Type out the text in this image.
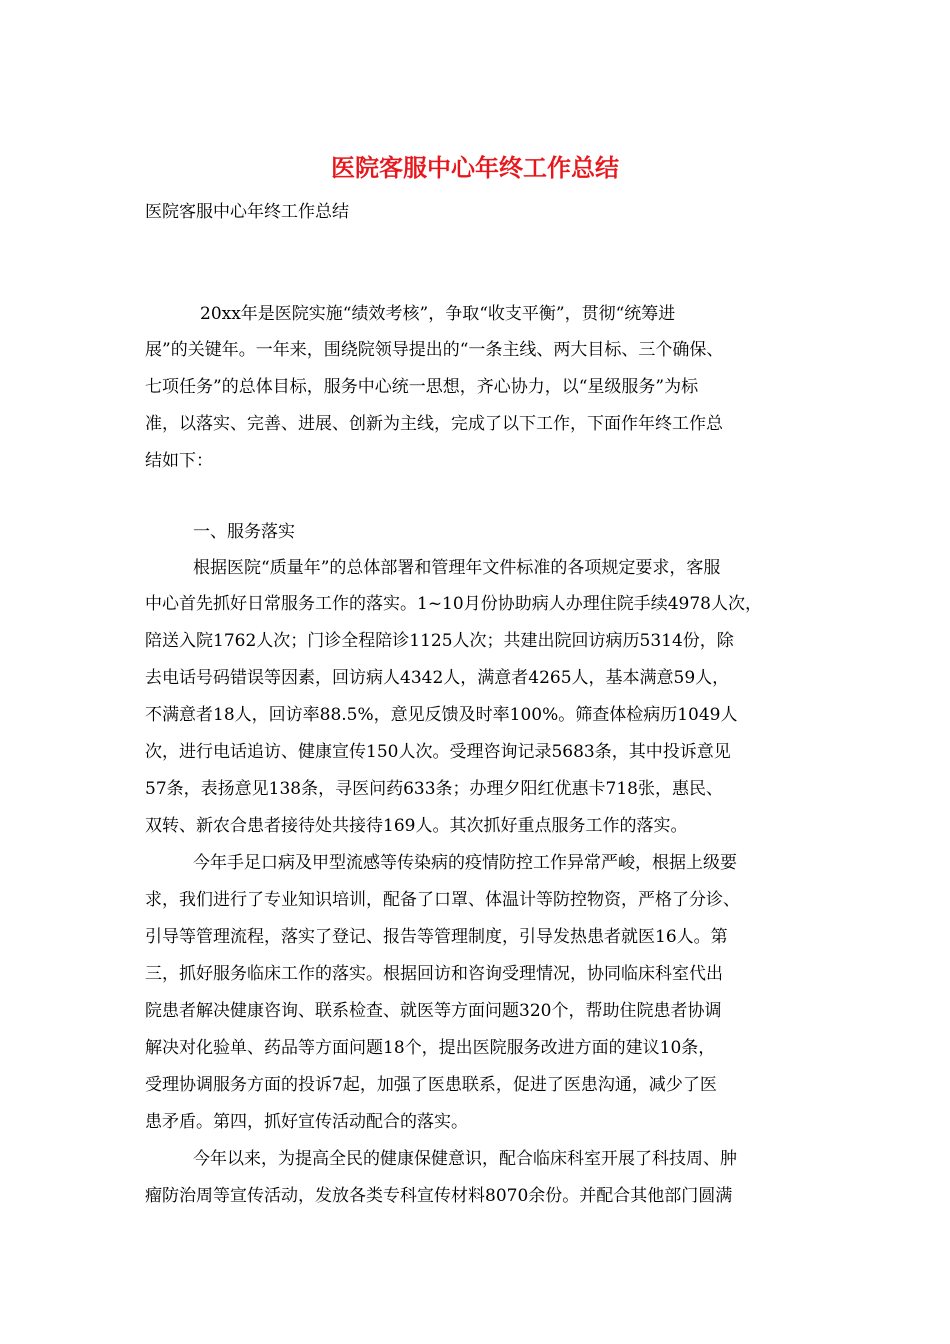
医院客服中心年终工作总结

医院客服中心年终工作总结

20xx年是医院实施“绩效考核”，争取“收支平衡”，贯彻“统筹进

展”的关键年。一年来，围绕院领导提出的“一条主线、两大目标、三个确保、

七项任务”的总体目标，服务中心统一思想，齐心协力，以“星级服务”为标

准，以落实、完善、进展、创新为主线，完成了以下工作，下面作年终工作总

结如下：

一、服务落实

根据医院“质量年”的总体部署和管理年文件标准的各项规定要求，客服

中心首先抓好日常服务工作的落实。1~10月份协助病人办理住院手续4978人次，

陪送入院1762人次；门诊全程陪诊1125人次；共建出院回访病历5314份，除

去电话号码错误等因素，回访病人4342人，满意者4265人，基本满意59人，

不满意者18人，回访率88.5%，意见反馈及时率100%。筛查体检病历1049人

次，进行电话追访、健康宣传150人次。受理咨询记录5683条，其中投诉意见

57条，表扬意见138条，寻医问药633条；办理夕阳红优惠卡718张，惠民、

双转、新农合患者接待处共接待169人。其次抓好重点服务工作的落实。

今年手足口病及甲型流感等传染病的疫情防控工作异常严峻，根据上级要

求，我们进行了专业知识培训，配备了口罩、体温计等防控物资，严格了分诊、

引导等管理流程，落实了登记、报告等管理制度，引导发热患者就医16人。第

三，抓好服务临床工作的落实。根据回访和咨询受理情况，协同临床科室代出

院患者解决健康咨询、联系检查、就医等方面问题320个，帮助住院患者协调

解决对化验单、药品等方面问题18个，提出医院服务改进方面的建议10条，

受理协调服务方面的投诉7起，加强了医患联系，促进了医患沟通，减少了医

患矛盾。第四，抓好宣传活动配合的落实。

今年以来，为提高全民的健康保健意识，配合临床科室开展了科技周、肿

瘤防治周等宣传活动，发放各类专科宣传材料8070余份。并配合其他部门圆满
